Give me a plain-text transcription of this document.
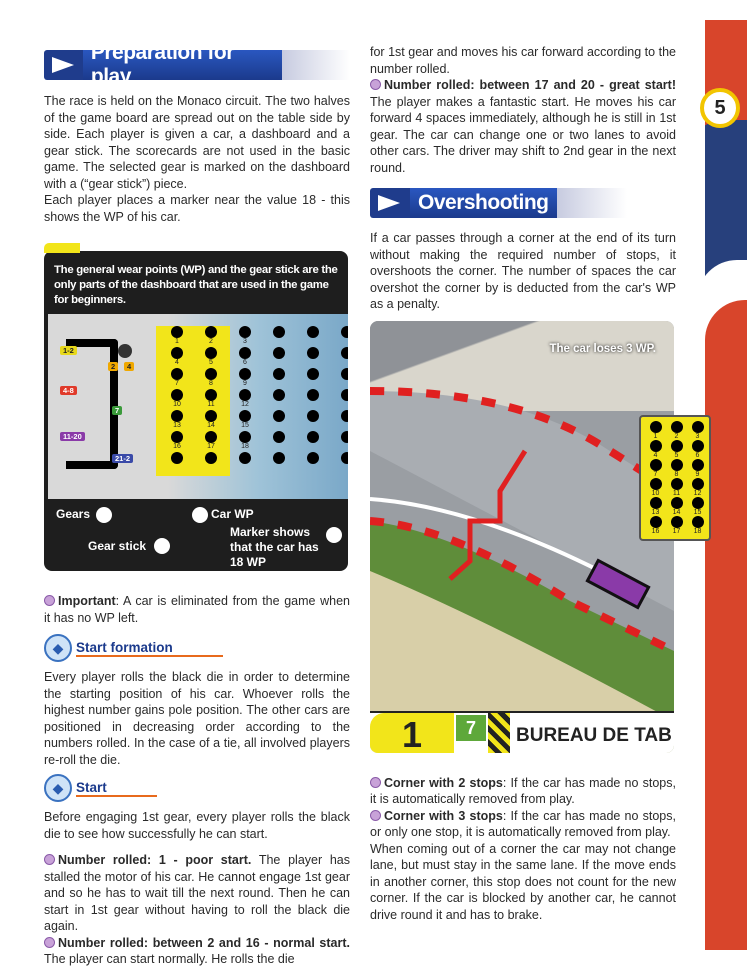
5
Preparation for play
The race is held on the Monaco circuit. The two halves of the game board are spread out on the table side by side. Each player is given a car, a dashboard and a gear stick. The scorecards are not used in the basic game. The selected gear is marked on the dashboard with a (“gear stick”) piece.
Each player places a marker near the value 18 - this shows the WP of his car.
The general wear points (WP) and the gear stick are the only parts of the dashboard that are used in the game for beginners.
1-2
2	4
4-8
7
11-20
21-2
1	2	3
4	5	6
7	8	9
10	11	12
13	14	15
16	17	18
Gears
Gear stick
Car WP
Marker shows that the car has 18 WP
Important: A car is eliminated from the game when it has no WP left.
◆ Start formation
Every player rolls the black die in order to determine the starting position of his car. Whoever rolls the highest number gains pole position. The other cars are positioned in decreasing order according to the numbers rolled. In the case of a tie, all involved players re-roll the die.
◆ Start
Before engaging 1st gear, every player rolls the black die to see how successfully he can start.
Number rolled: 1 - poor start. The player has stalled the motor of his car. He cannot engage 1st gear and so he has to wait till the next round. Then he can start in 1st gear without having to roll the black die again.
Number rolled: between 2 and 16 - normal start. The player can start normally. He rolls the die
for 1st gear and moves his car forward according to the number rolled.
Number rolled: between 17 and 20 - great start! The player makes a fantastic start. He moves his car forward 4 spaces immediately, although he is still in 1st gear. The car can change one or two lanes to avoid other cars. The driver may shift to 2nd gear in the next round.
Overshooting
If a car passes through a corner at the end of its turn without making the required number of stops, it overshoots the corner. The number of spaces the car overshot the corner by is deducted from the car's WP as a penalty.
The car loses 3 WP.
1	7	BUREAU DE TAB
1 2 3
4 5 6
7 8 9
10 11 12
13 14 15
16 17 18
Corner with 2 stops: If the car has made no stops, it is automatically removed from play.
Corner with 3 stops: If the car has made no stops, or only one stop, it is automatically removed from play.
When coming out of a corner the car may not change lane, but must stay in the same lane. If the move ends in another corner, this stop does not count for the new corner. If the car is blocked by another car, he cannot drive round it and has to brake.
